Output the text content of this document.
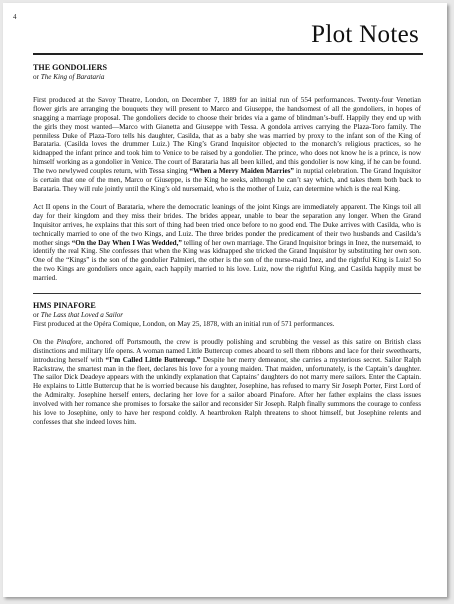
4
Plot Notes

THE GONDOLIERS

or The King of Barataria

First produced at the Savoy Theatre, London, on December 7, 1889 for an initial run of 554 performances. Twenty-four Venetian flower girls are arranging the bouquets they will present to Marco and Giuseppe, the handsomest of all the gondoliers, in hopes of snagging a marriage proposal. The gondoliers decide to choose their brides via a game of blindman’s-buff. Happily they end up with the girls they most wanted—Marco with Gianetta and Giuseppe with Tessa. A gondola arrives carrying the Plaza-Toro family. The penniless Duke of Plaza-Toro tells his daughter, Casilda, that as a baby she was married by proxy to the infant son of the King of Barataria. (Casilda loves the drummer Luiz.) The King’s Grand Inquisitor objected to the monarch’s religious practices, so he kidnapped the infant prince and took him to Venice to be raised by a gondolier. The prince, who does not know he is a prince, is now himself working as a gondolier in Venice. The court of Barataria has all been killed, and this gondolier is now king, if he can be found. The two newlywed couples return, with Tessa singing “When a Merry Maiden Marries” in nuptial celebration. The Grand Inquisitor is certain that one of the men, Marco or Giuseppe, is the King he seeks, although he can’t say which, and takes them both back to Barataria. They will rule jointly until the King’s old nursemaid, who is the mother of Luiz, can determine which is the real King.

Act II opens in the Court of Barataria, where the democratic leanings of the joint Kings are immediately apparent. The Kings toil all day for their kingdom and they miss their brides. The brides appear, unable to bear the separation any longer. When the Grand Inquisitor arrives, he explains that this sort of thing had been tried once before to no good end. The Duke arrives with Casilda, who is technically married to one of the two Kings, and Luiz. The three brides ponder the predicament of their two husbands and Casilda’s mother sings “On the Day When I Was Wedded,” telling of her own marriage. The Grand Inquisitor brings in Inez, the nursemaid, to identify the real King. She confesses that when the King was kidnapped she tricked the Grand Inquisitor by substituting her own son. One of the “Kings” is the son of the gondolier Palmieri, the other is the son of the nurse-maid Inez, and the rightful King is Luiz! So the two Kings are gondoliers once again, each happily married to his love. Luiz, now the rightful King, and Casilda happily must be married.

HMS PINAFORE

or The Lass that Loved a Sailor

First produced at the Opéra Comique, London, on May 25, 1878, with an initial run of 571 performances.

On the Pinafore, anchored off Portsmouth, the crew is proudly polishing and scrubbing the vessel as this satire on British class distinctions and military life opens. A woman named Little Buttercup comes aboard to sell them ribbons and lace for their sweethearts, introducing herself with “I’m Called Little Buttercup.” Despite her merry demeanor, she carries a mysterious secret. Sailor Ralph Rackstraw, the smartest man in the fleet, declares his love for a young maiden. That maiden, unfortunately, is the Captain’s daughter. The sailor Dick Deadeye appears with the unkindly explanation that Captains’ daughters do not marry mere sailors. Enter the Captain. He explains to Little Buttercup that he is worried because his daughter, Josephine, has refused to marry Sir Joseph Porter, First Lord of the Admiralty. Josephine herself enters, declaring her love for a sailor aboard Pinafore. After her father explains the class issues involved with her romance she promises to forsake the sailor and reconsider Sir Joseph. Ralph finally summons the courage to confess his love to Josephine, only to have her respond coldly. A heartbroken Ralph threatens to shoot himself, but Josephine relents and confesses that she indeed loves him.
